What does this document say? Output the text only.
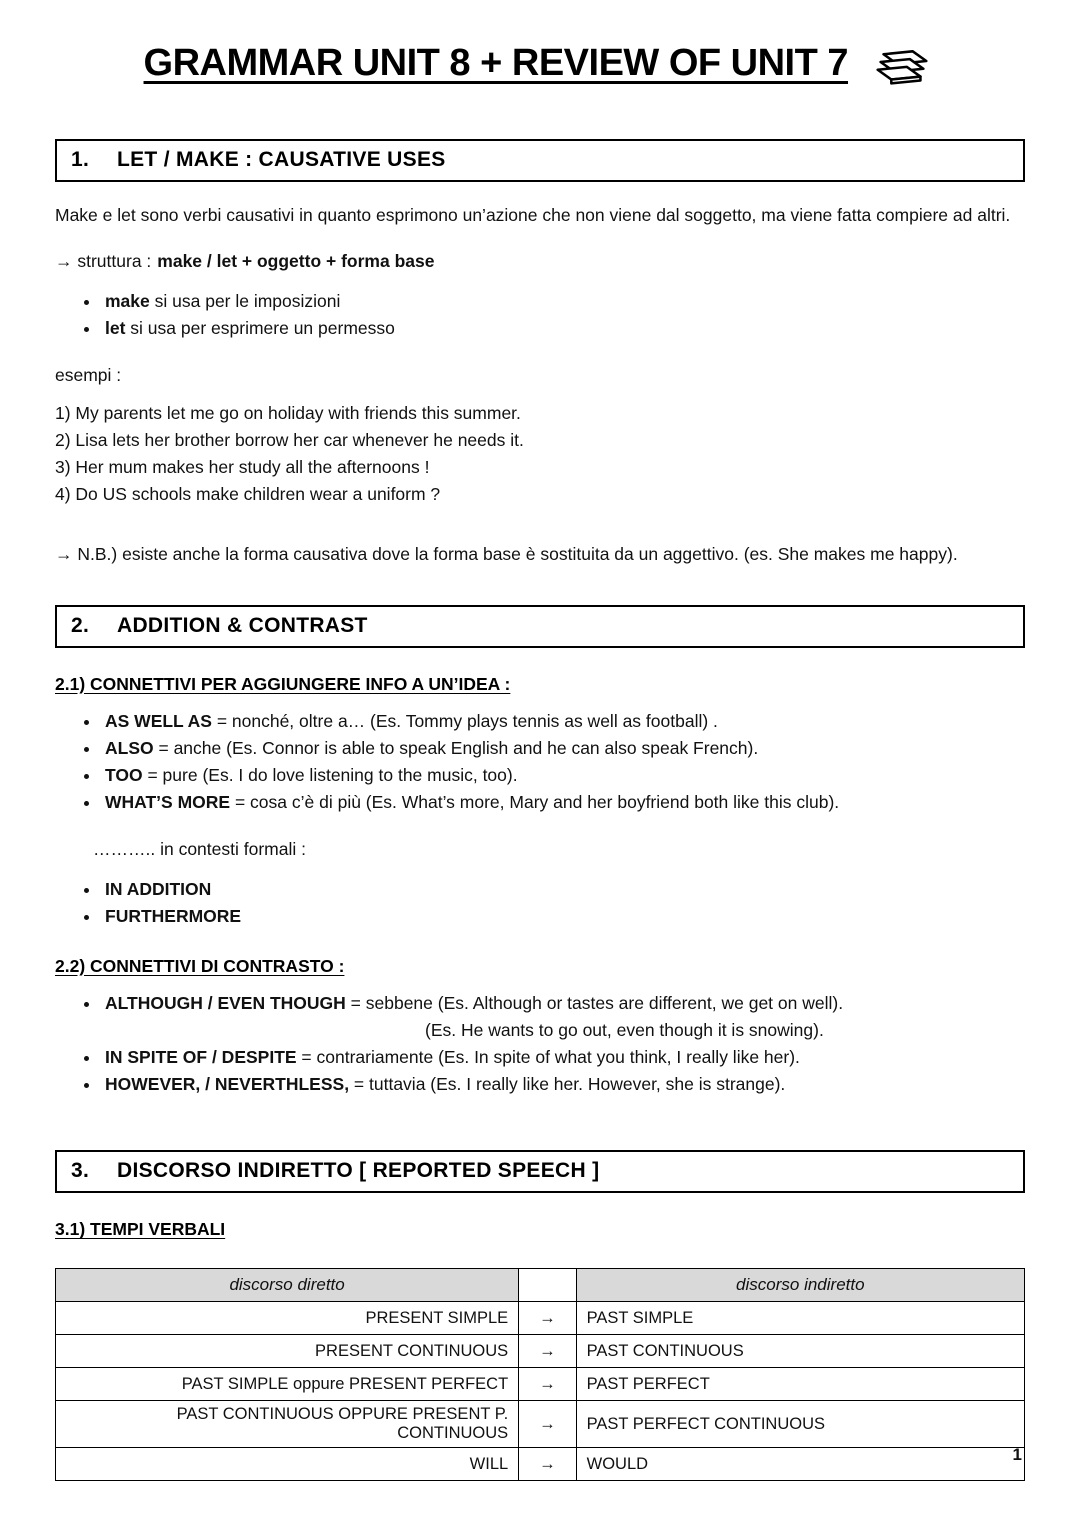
GRAMMAR UNIT 8 + REVIEW OF UNIT 7
1. LET / MAKE : CAUSATIVE USES

Make e let sono verbi causativi in quanto esprimono un’azione che non viene dal soggetto, ma viene fatta compiere ad altri.

→ struttura : make / let + oggetto + forma base

• make si usa per le imposizioni
• let si usa per esprimere un permesso

esempi :

1) My parents let me go on holiday with friends this summer.

2) Lisa lets her brother borrow her car whenever he needs it.

3) Her mum makes her study all the afternoons !

4) Do US schools make children wear a uniform ?

→ N.B.) esiste anche la forma causativa dove la forma base è sostituita da un aggettivo. (es. She makes me happy).

2. ADDITION & CONTRAST
2.1) CONNETTIVI PER AGGIUNGERE INFO A UN’IDEA :
• AS WELL AS = nonché, oltre a… (Es. Tommy plays tennis as well as football) .
• ALSO = anche (Es. Connor is able to speak English and he can also speak French).
• TOO = pure (Es. I do love listening to the music, too).
• WHAT’S MORE = cosa c’è di più (Es. What’s more, Mary and her boyfriend both like this club).

……….. in contesti formali :

• IN ADDITION
• FURTHERMORE
2.2) CONNETTIVI DI CONTRASTO :
• ALTHOUGH / EVEN THOUGH = sebbene (Es. Although or tastes are different, we get on well).
(Es. He wants to go out, even though it is snowing).
• IN SPITE OF / DESPITE = contrariamente (Es. In spite of what you think, I really like her).
• HOWEVER, / NEVERTHLESS, = tuttavia (Es. I really like her. However, she is strange).
3. DISCORSO INDIRETTO [ REPORTED SPEECH ]
3.1) TEMPI VERBALI
discorso diretto		discorso indiretto
PRESENT SIMPLE	→	PAST SIMPLE
PRESENT CONTINUOUS	→	PAST CONTINUOUS
PAST SIMPLE oppure PRESENT PERFECT	→	PAST PERFECT
PAST CONTINUOUS OPPURE PRESENT P. CONTINUOUS	→	PAST PERFECT CONTINUOUS
WILL	→	WOULD	1
